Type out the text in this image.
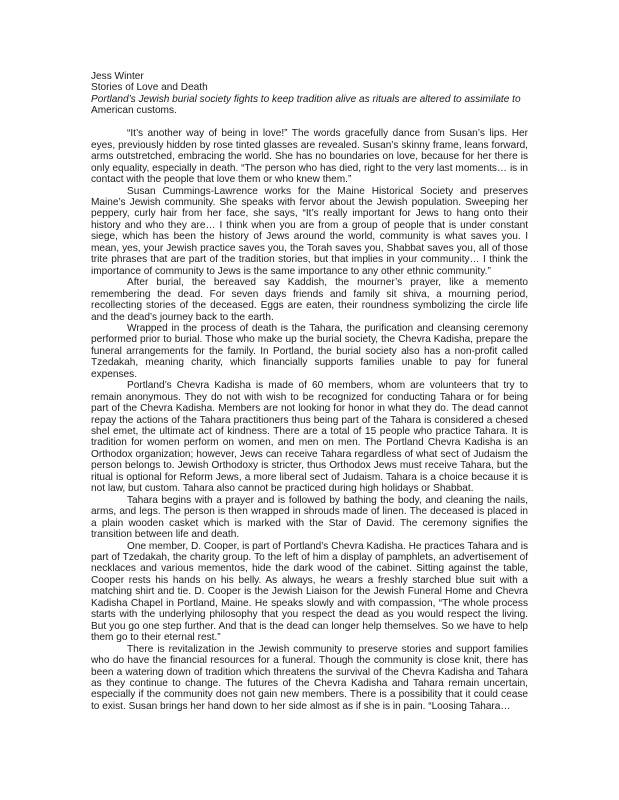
Jess Winter

Stories of Love and Death

Portland’s Jewish burial society fights to keep tradition alive as rituals are altered to assimilate to American customs.

“It’s another way of being in love!” The words gracefully dance from Susan’s lips. Her eyes, previously hidden by rose tinted glasses are revealed. Susan’s skinny frame, leans forward, arms outstretched, embracing the world. She has no boundaries on love, because for her there is only equality, especially in death. “The person who has died, right to the very last moments… is in contact with the people that love them or who knew them.”

Susan Cummings-Lawrence works for the Maine Historical Society and preserves Maine’s Jewish community. She speaks with fervor about the Jewish population. Sweeping her peppery, curly hair from her face, she says, “It’s really important for Jews to hang onto their history and who they are… I think when you are from a group of people that is under constant siege, which has been the history of Jews around the world, community is what saves you. I mean, yes, your Jewish practice saves you, the Torah saves you, Shabbat saves you, all of those trite phrases that are part of the tradition stories, but that implies in your community… I think the importance of community to Jews is the same importance to any other ethnic community.”

After burial, the bereaved say Kaddish, the mourner’s prayer, like a memento remembering the dead. For seven days friends and family sit shiva, a mourning period, recollecting stories of the deceased. Eggs are eaten, their roundness symbolizing the circle life and the dead’s journey back to the earth.

Wrapped in the process of death is the Tahara, the purification and cleansing ceremony performed prior to burial. Those who make up the burial society, the Chevra Kadisha, prepare the funeral arrangements for the family. In Portland, the burial society also has a non-profit called Tzedakah, meaning charity, which financially supports families unable to pay for funeral expenses.

Portland’s Chevra Kadisha is made of 60 members, whom are volunteers that try to remain anonymous. They do not with wish to be recognized for conducting Tahara or for being part of the Chevra Kadisha. Members are not looking for honor in what they do. The dead cannot repay the actions of the Tahara practitioners thus being part of the Tahara is considered a chesed shel emet, the ultimate act of kindness. There are a total of 15 people who practice Tahara. It is tradition for women perform on women, and men on men. The Portland Chevra Kadisha is an Orthodox organization; however, Jews can receive Tahara regardless of what sect of Judaism the person belongs to. Jewish Orthodoxy is stricter, thus Orthodox Jews must receive Tahara, but the ritual is optional for Reform Jews, a more liberal sect of Judaism. Tahara is a choice because it is not law, but custom. Tahara also cannot be practiced during high holidays or Shabbat.

Tahara begins with a prayer and is followed by bathing the body, and cleaning the nails, arms, and legs. The person is then wrapped in shrouds made of linen. The deceased is placed in a plain wooden casket which is marked with the Star of David. The ceremony signifies the transition between life and death.

One member, D. Cooper, is part of Portland’s Chevra Kadisha. He practices Tahara and is part of Tzedakah, the charity group. To the left of him a display of pamphlets, an advertisement of necklaces and various mementos, hide the dark wood of the cabinet. Sitting against the table, Cooper rests his hands on his belly. As always, he wears a freshly starched blue suit with a matching shirt and tie. D. Cooper is the Jewish Liaison for the Jewish Funeral Home and Chevra Kadisha Chapel in Portland, Maine. He speaks slowly and with compassion, “The whole process starts with the underlying philosophy that you respect the dead as you would respect the living. But you go one step further. And that is the dead can longer help themselves. So we have to help them go to their eternal rest.”

There is revitalization in the Jewish community to preserve stories and support families who do have the financial resources for a funeral. Though the community is close knit, there has been a watering down of tradition which threatens the survival of the Chevra Kadisha and Tahara as they continue to change. The futures of the Chevra Kadisha and Tahara remain uncertain, especially if the community does not gain new members. There is a possibility that it could cease to exist. Susan brings her hand down to her side almost as if she is in pain. “Loosing Tahara…
